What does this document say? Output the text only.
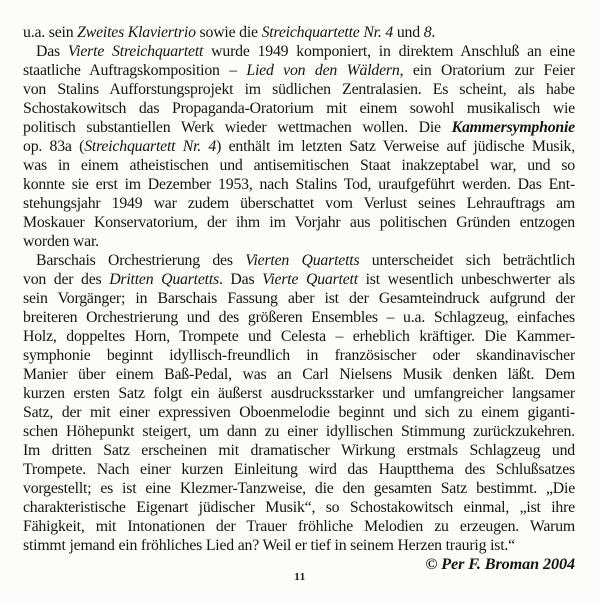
u.a. sein Zweites Klaviertrio sowie die Streichquartette Nr. 4 und 8.
Das Vierte Streichquartett wurde 1949 komponiert, in direktem Anschluß an eine
staatliche Auftragskomposition – Lied von den Wäldern, ein Oratorium zur Feier
von Stalins Aufforstungsprojekt im südlichen Zentralasien. Es scheint, als habe
Schostakowitsch das Propaganda-Oratorium mit einem sowohl musikalisch wie
politisch substantiellen Werk wieder wettmachen wollen. Die Kammersymphonie
op. 83a (Streichquartett Nr. 4) enthält im letzten Satz Verweise auf jüdische Musik,
was in einem atheistischen und antisemitischen Staat inakzeptabel war, und so
konnte sie erst im Dezember 1953, nach Stalins Tod, uraufgeführt werden. Das Ent-
stehungsjahr 1949 war zudem überschattet vom Verlust seines Lehrauftrags am
Moskauer Konservatorium, der ihm im Vorjahr aus politischen Gründen entzogen
worden war.
Barschais Orchestrierung des Vierten Quartetts unterscheidet sich beträchtlich
von der des Dritten Quartetts. Das Vierte Quartett ist wesentlich unbeschwerter als
sein Vorgänger; in Barschais Fassung aber ist der Gesamteindruck aufgrund der
breiteren Orchestrierung und des größeren Ensembles – u.a. Schlagzeug, einfaches
Holz, doppeltes Horn, Trompete und Celesta – erheblich kräftiger. Die Kammer-
symphonie beginnt idyllisch-freundlich in französischer oder skandinavischer
Manier über einem Baß-Pedal, was an Carl Nielsens Musik denken läßt. Dem
kurzen ersten Satz folgt ein äußerst ausdrucksstarker und umfangreicher langsamer
Satz, der mit einer expressiven Oboenmelodie beginnt und sich zu einem giganti-
schen Höhepunkt steigert, um dann zu einer idyllischen Stimmung zurückzukehren.
Im dritten Satz erscheinen mit dramatischer Wirkung erstmals Schlagzeug und
Trompete. Nach einer kurzen Einleitung wird das Hauptthema des Schlußsatzes
vorgestellt; es ist eine Klezmer-Tanzweise, die den gesamten Satz bestimmt. „Die
charakteristische Eigenart jüdischer Musik“, so Schostakowitsch einmal, „ist ihre
Fähigkeit, mit Intonationen der Trauer fröhliche Melodien zu erzeugen. Warum
stimmt jemand ein fröhliches Lied an? Weil er tief in seinem Herzen traurig ist.“
© Per F. Broman 2004
11
